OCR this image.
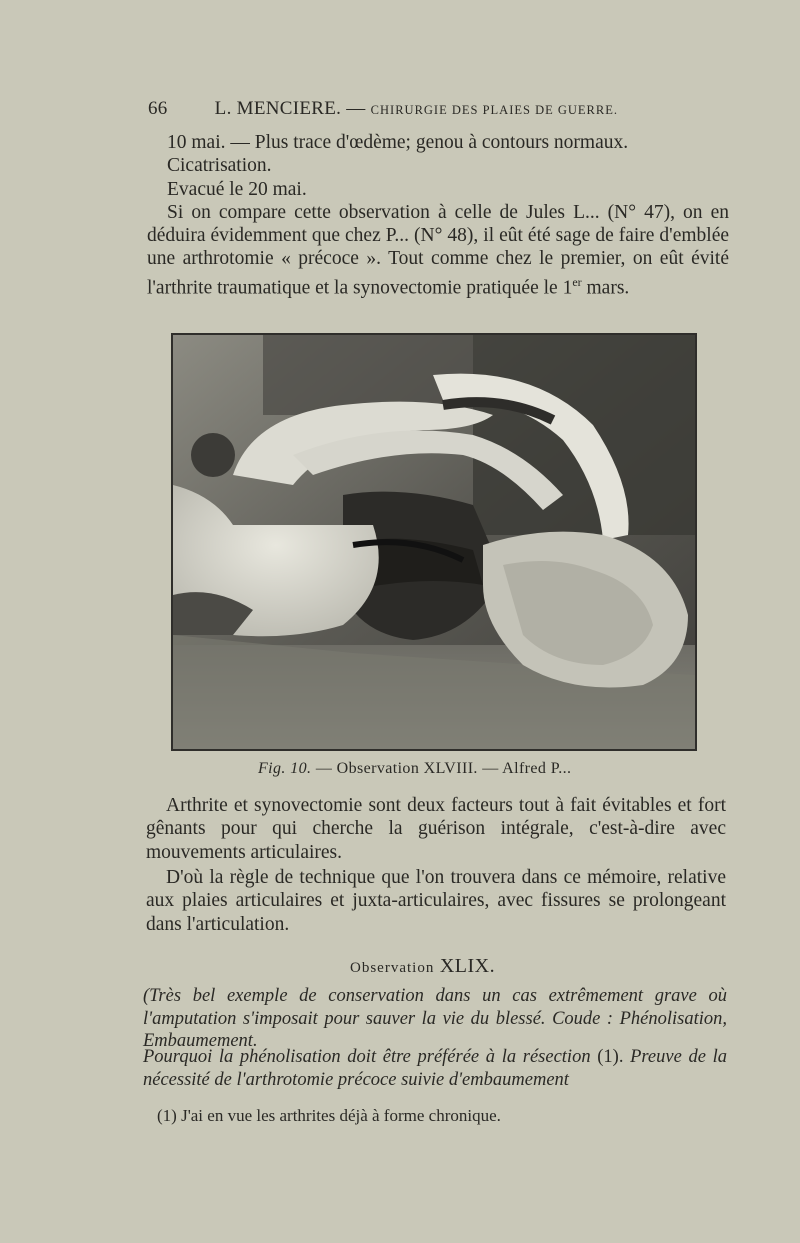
66 L. MENCIERE. — CHIRURGIE DES PLAIES DE GUERRE.
10 mai. — Plus trace d'œdème; genou à contours normaux.
Cicatrisation.
Evacué le 20 mai.
Si on compare cette observation à celle de Jules L... (N° 47), on en déduira évidemment que chez P... (N° 48), il eût été sage de faire d'emblée une arthrotomie « précoce ». Tout comme chez le premier, on eût évité l'arthrite traumatique et la synovectomie pratiquée le 1er mars.
Fig. 10. — Observation XLVIII. — Alfred P...
Arthrite et synovectomie sont deux facteurs tout à fait évitables et fort gênants pour qui cherche la guérison intégrale, c'est-à-dire avec mouvements articulaires.
D'où la règle de technique que l'on trouvera dans ce mémoire, relative aux plaies articulaires et juxta-articulaires, avec fissures se prolongeant dans l'articulation.
Observation XLIX.
(Très bel exemple de conservation dans un cas extrêmement grave où l'amputation s'imposait pour sauver la vie du blessé. Coude : Phénolisation, Embaumement.
Pourquoi la phénolisation doit être préférée à la résection (1). Preuve de la nécessité de l'arthrotomie précoce suivie d'embaumement
(1) J'ai en vue les arthrites déjà à forme chronique.
